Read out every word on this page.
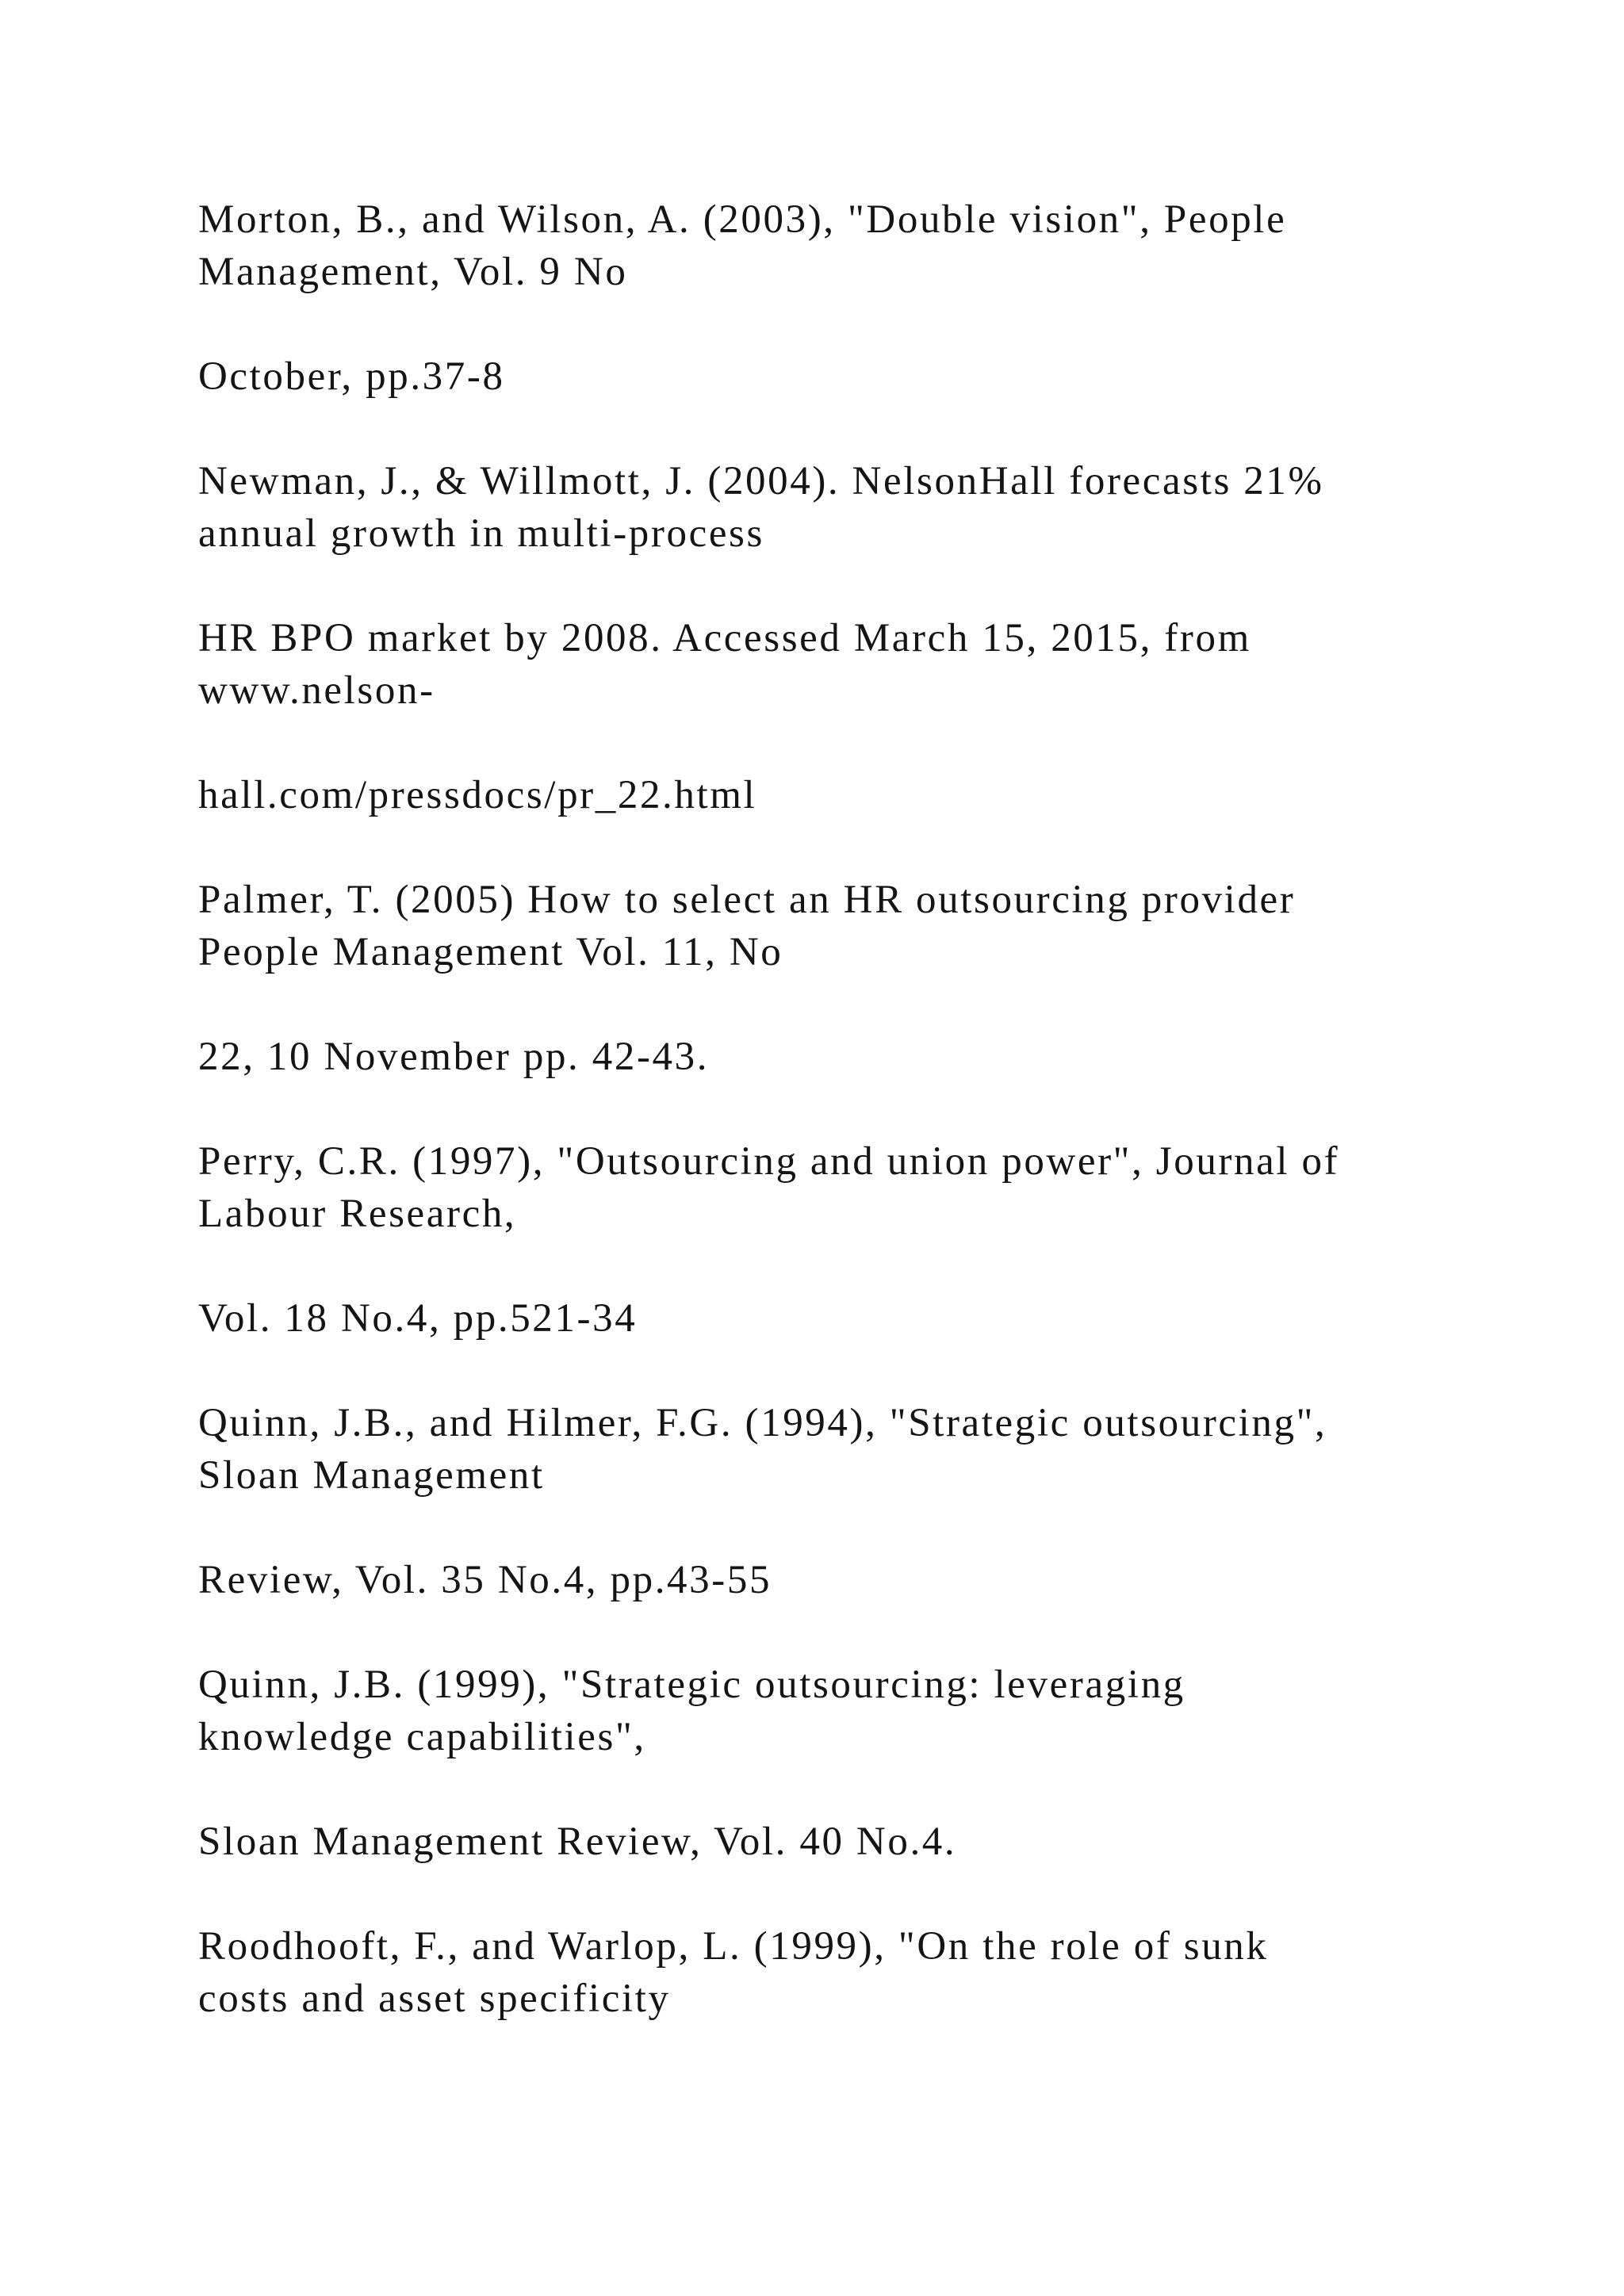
Morton, B., and Wilson, A. (2003), "Double vision", People
Management, Vol. 9 No

October, pp.37-8

Newman, J., & Willmott, J. (2004). NelsonHall forecasts 21%
annual growth in multi-process

HR BPO market by 2008. Accessed March 15, 2015, from
www.nelson-

hall.com/pressdocs/pr_22.html

Palmer, T. (2005) How to select an HR outsourcing provider
People Management Vol. 11, No

22, 10 November pp. 42-43.

Perry, C.R. (1997), "Outsourcing and union power", Journal of
Labour Research,

Vol. 18 No.4, pp.521-34

Quinn, J.B., and Hilmer, F.G. (1994), "Strategic outsourcing",
Sloan Management

Review, Vol. 35 No.4, pp.43-55

Quinn, J.B. (1999), "Strategic outsourcing: leveraging
knowledge capabilities",

Sloan Management Review, Vol. 40 No.4.

Roodhooft, F., and Warlop, L. (1999), "On the role of sunk
costs and asset specificity
